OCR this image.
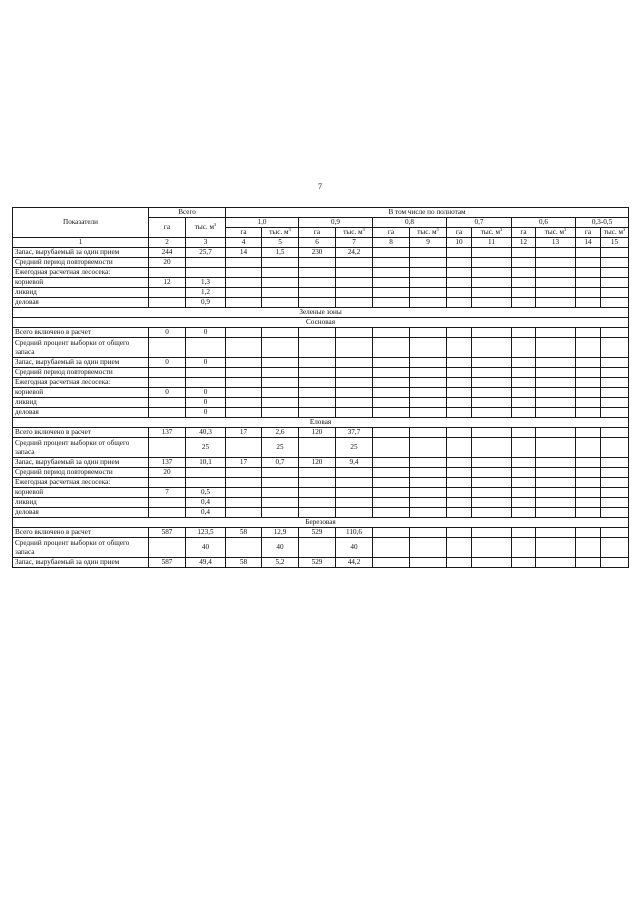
7
Показатели	Всего		В том числе по полнотам											
	га	тыс. $м^3$	1,0		0,9		0,8		0,7		0,6		0,3-0,5	
			га	тыс. $м^3$	га	тыс. $м^3$	га	тыс. $м^3$	га	тыс. $м^3$	га	тыс. $м^3$	га	тыс. $м^3$
1	2	3	4	5	6	7	8	9	10	11	12	13	14	15
Запас, вырубаемый за один прием	244	25,7	14	1,5	230	24,2								
Средний период повторяемости	20													
Ежегодная расчетная лесосека:														
корневой	12	1,3												
ликвид		1,2												
деловая		0,9												
Зеленые зоны														
Сосновая														
Всего включено в расчет	0	0												
Средний процент выборки от общего запаса														
Запас, вырубаемый за один прием	0	0												
Средний период повторяемости														
Ежегодная расчетная лесосека:														
корневой	0	0												
ликвид		0												
деловая		0												
Еловая														
Всего включено в расчет	137	40,3	17	2,6	120	37,7								
Средний процент выборки от общего запаса		25		25		25								
Запас, вырубаемый за один прием	137	10,1	17	0,7	120	9,4								
Средний период повторяемости	20													
Ежегодная расчетная лесосека:														
корневой	7	0,5												
ликвид		0,4												
деловая		0,4												
Березовая														
Всего включено в расчет	587	123,5	58	12,9	529	110,6								
Средний процент выборки от общего запаса		40		40		40								
Запас, вырубаемый за один прием	587	49,4	58	5,2	529	44,2								
